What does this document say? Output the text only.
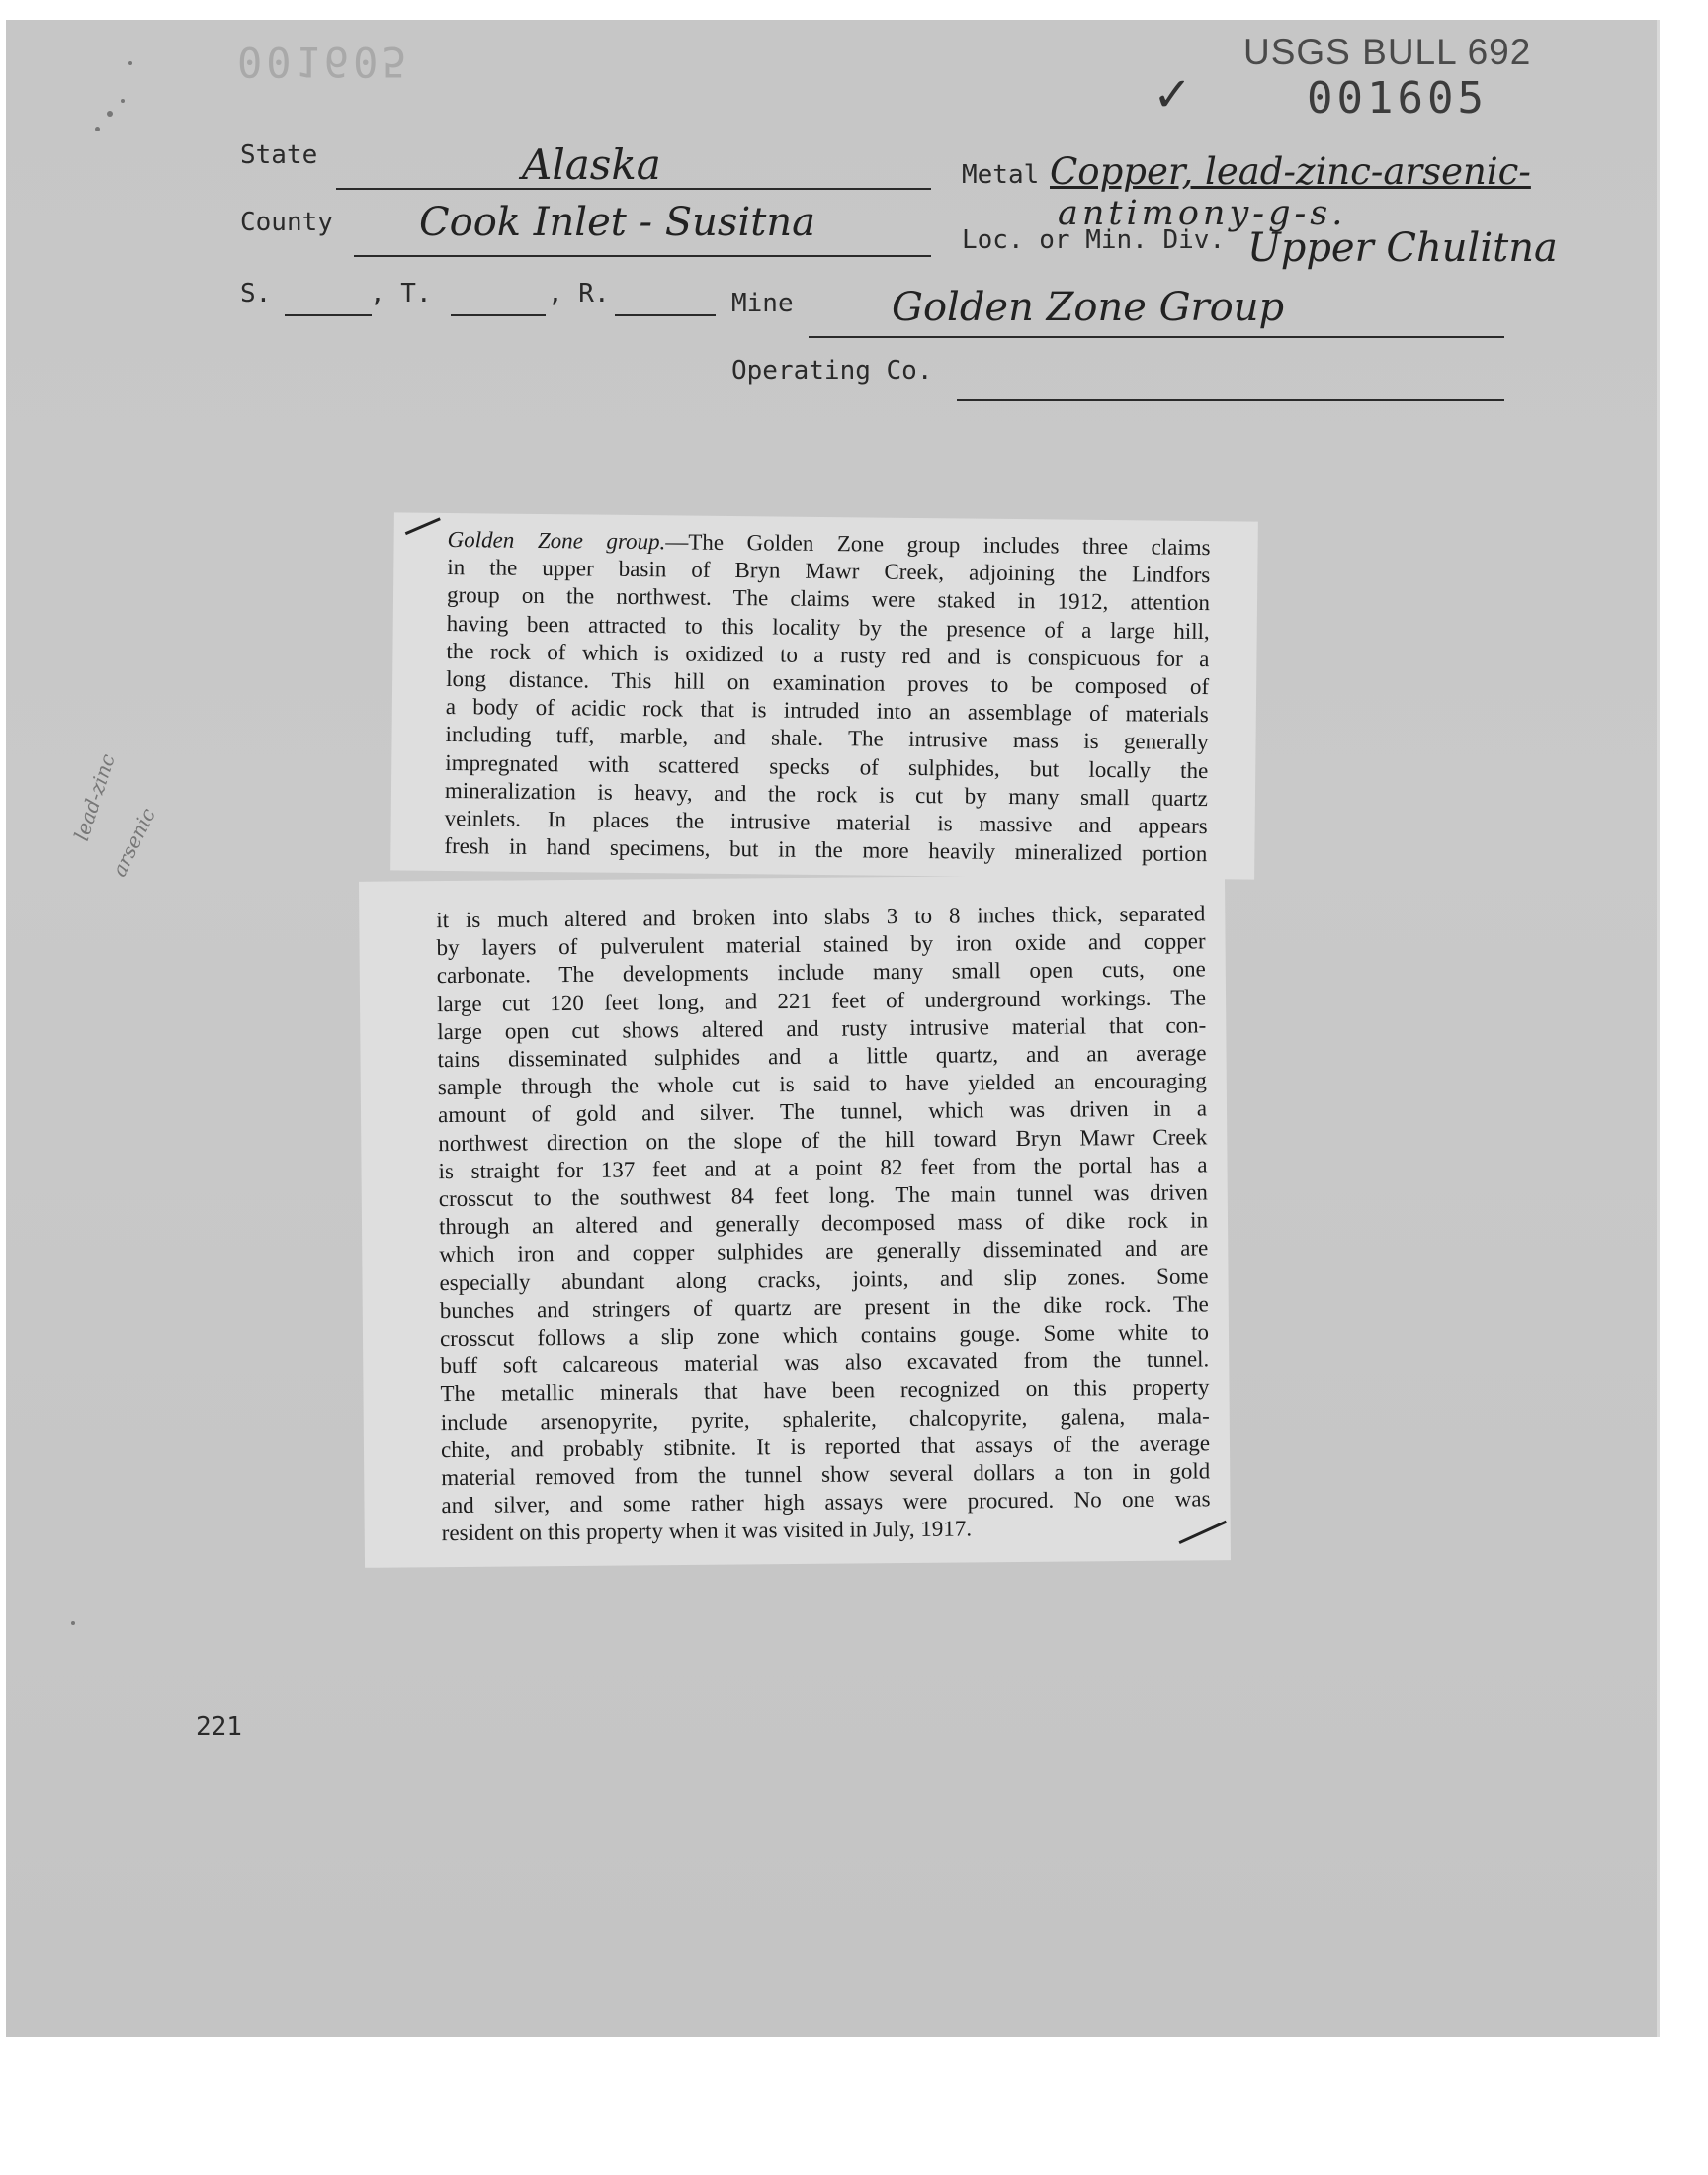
001605	USGS BULL 692
✓	001605
State	Alaska	Metal Copper, lead-zinc-arsenic-
antimony-g-s.
County Cook Inlet - Susitna	Loc. or Min. Div. Upper Chulitna
S.	, T.	, R.	Mine Golden Zone Group
Operating Co.
lead-zinc
arsenic

Golden Zone group.—The Golden Zone group includes three claims

in the upper basin of Bryn Mawr Creek, adjoining the Lindfors

group on the northwest. The claims were staked in 1912, attention

having been attracted to this locality by the presence of a large hill,

the rock of which is oxidized to a rusty red and is conspicuous for a

long distance. This hill on examination proves to be composed of

a body of acidic rock that is intruded into an assemblage of materials

including tuff, marble, and shale. The intrusive mass is generally

impregnated with scattered specks of sulphides, but locally the

mineralization is heavy, and the rock is cut by many small quartz

veinlets. In places the intrusive material is massive and appears

fresh in hand specimens, but in the more heavily mineralized portion

it is much altered and broken into slabs 3 to 8 inches thick, separated

by layers of pulverulent material stained by iron oxide and copper

carbonate. The developments include many small open cuts, one

large cut 120 feet long, and 221 feet of underground workings. The

large open cut shows altered and rusty intrusive material that con-

tains disseminated sulphides and a little quartz, and an average

sample through the whole cut is said to have yielded an encouraging

amount of gold and silver. The tunnel, which was driven in a

northwest direction on the slope of the hill toward Bryn Mawr Creek

is straight for 137 feet and at a point 82 feet from the portal has a

crosscut to the southwest 84 feet long. The main tunnel was driven

through an altered and generally decomposed mass of dike rock in

which iron and copper sulphides are generally disseminated and are

especially abundant along cracks, joints, and slip zones. Some

bunches and stringers of quartz are present in the dike rock. The

crosscut follows a slip zone which contains gouge. Some white to

buff soft calcareous material was also excavated from the tunnel.

The metallic minerals that have been recognized on this property

include arsenopyrite, pyrite, sphalerite, chalcopyrite, galena, mala-

chite, and probably stibnite. It is reported that assays of the average

material removed from the tunnel show several dollars a ton in gold

and silver, and some rather high assays were procured. No one was

resident on this property when it was visited in July, 1917.

221
